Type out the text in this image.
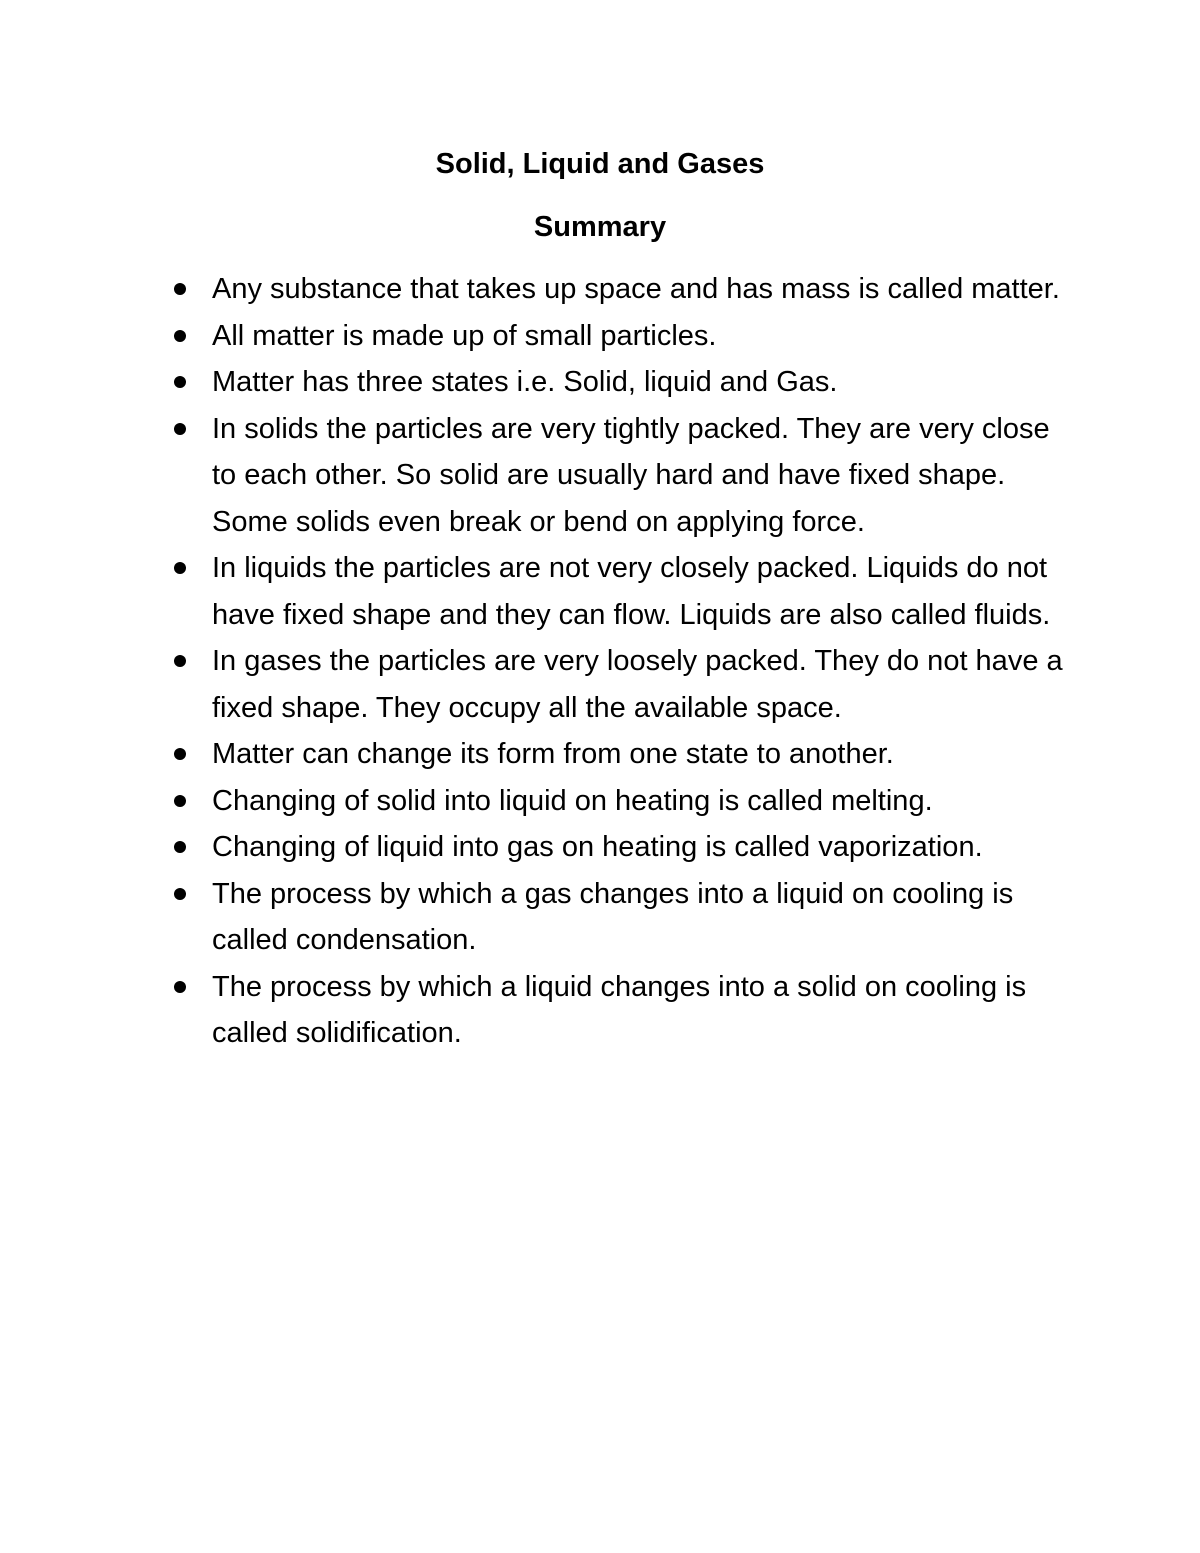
Solid, Liquid and Gases
Summary
Any substance that takes up space and has mass is called matter.
All matter is made up of small particles.
Matter has three states i.e. Solid, liquid and Gas.
In solids the particles are very tightly packed. They are very close to each other. So solid are usually hard and have fixed shape. Some solids even break or bend on applying force.
In liquids the particles are not very closely packed. Liquids do not have fixed shape and they can flow. Liquids are also called fluids.
In gases the particles are very loosely packed. They do not have a fixed shape. They occupy all the available space.
Matter can change its form from one state to another.
Changing of solid into liquid on heating is called melting.
Changing of liquid into gas on heating is called vaporization.
The process by which a gas changes into a liquid on cooling is called condensation.
The process by which a liquid changes into a solid on cooling is called solidification.
